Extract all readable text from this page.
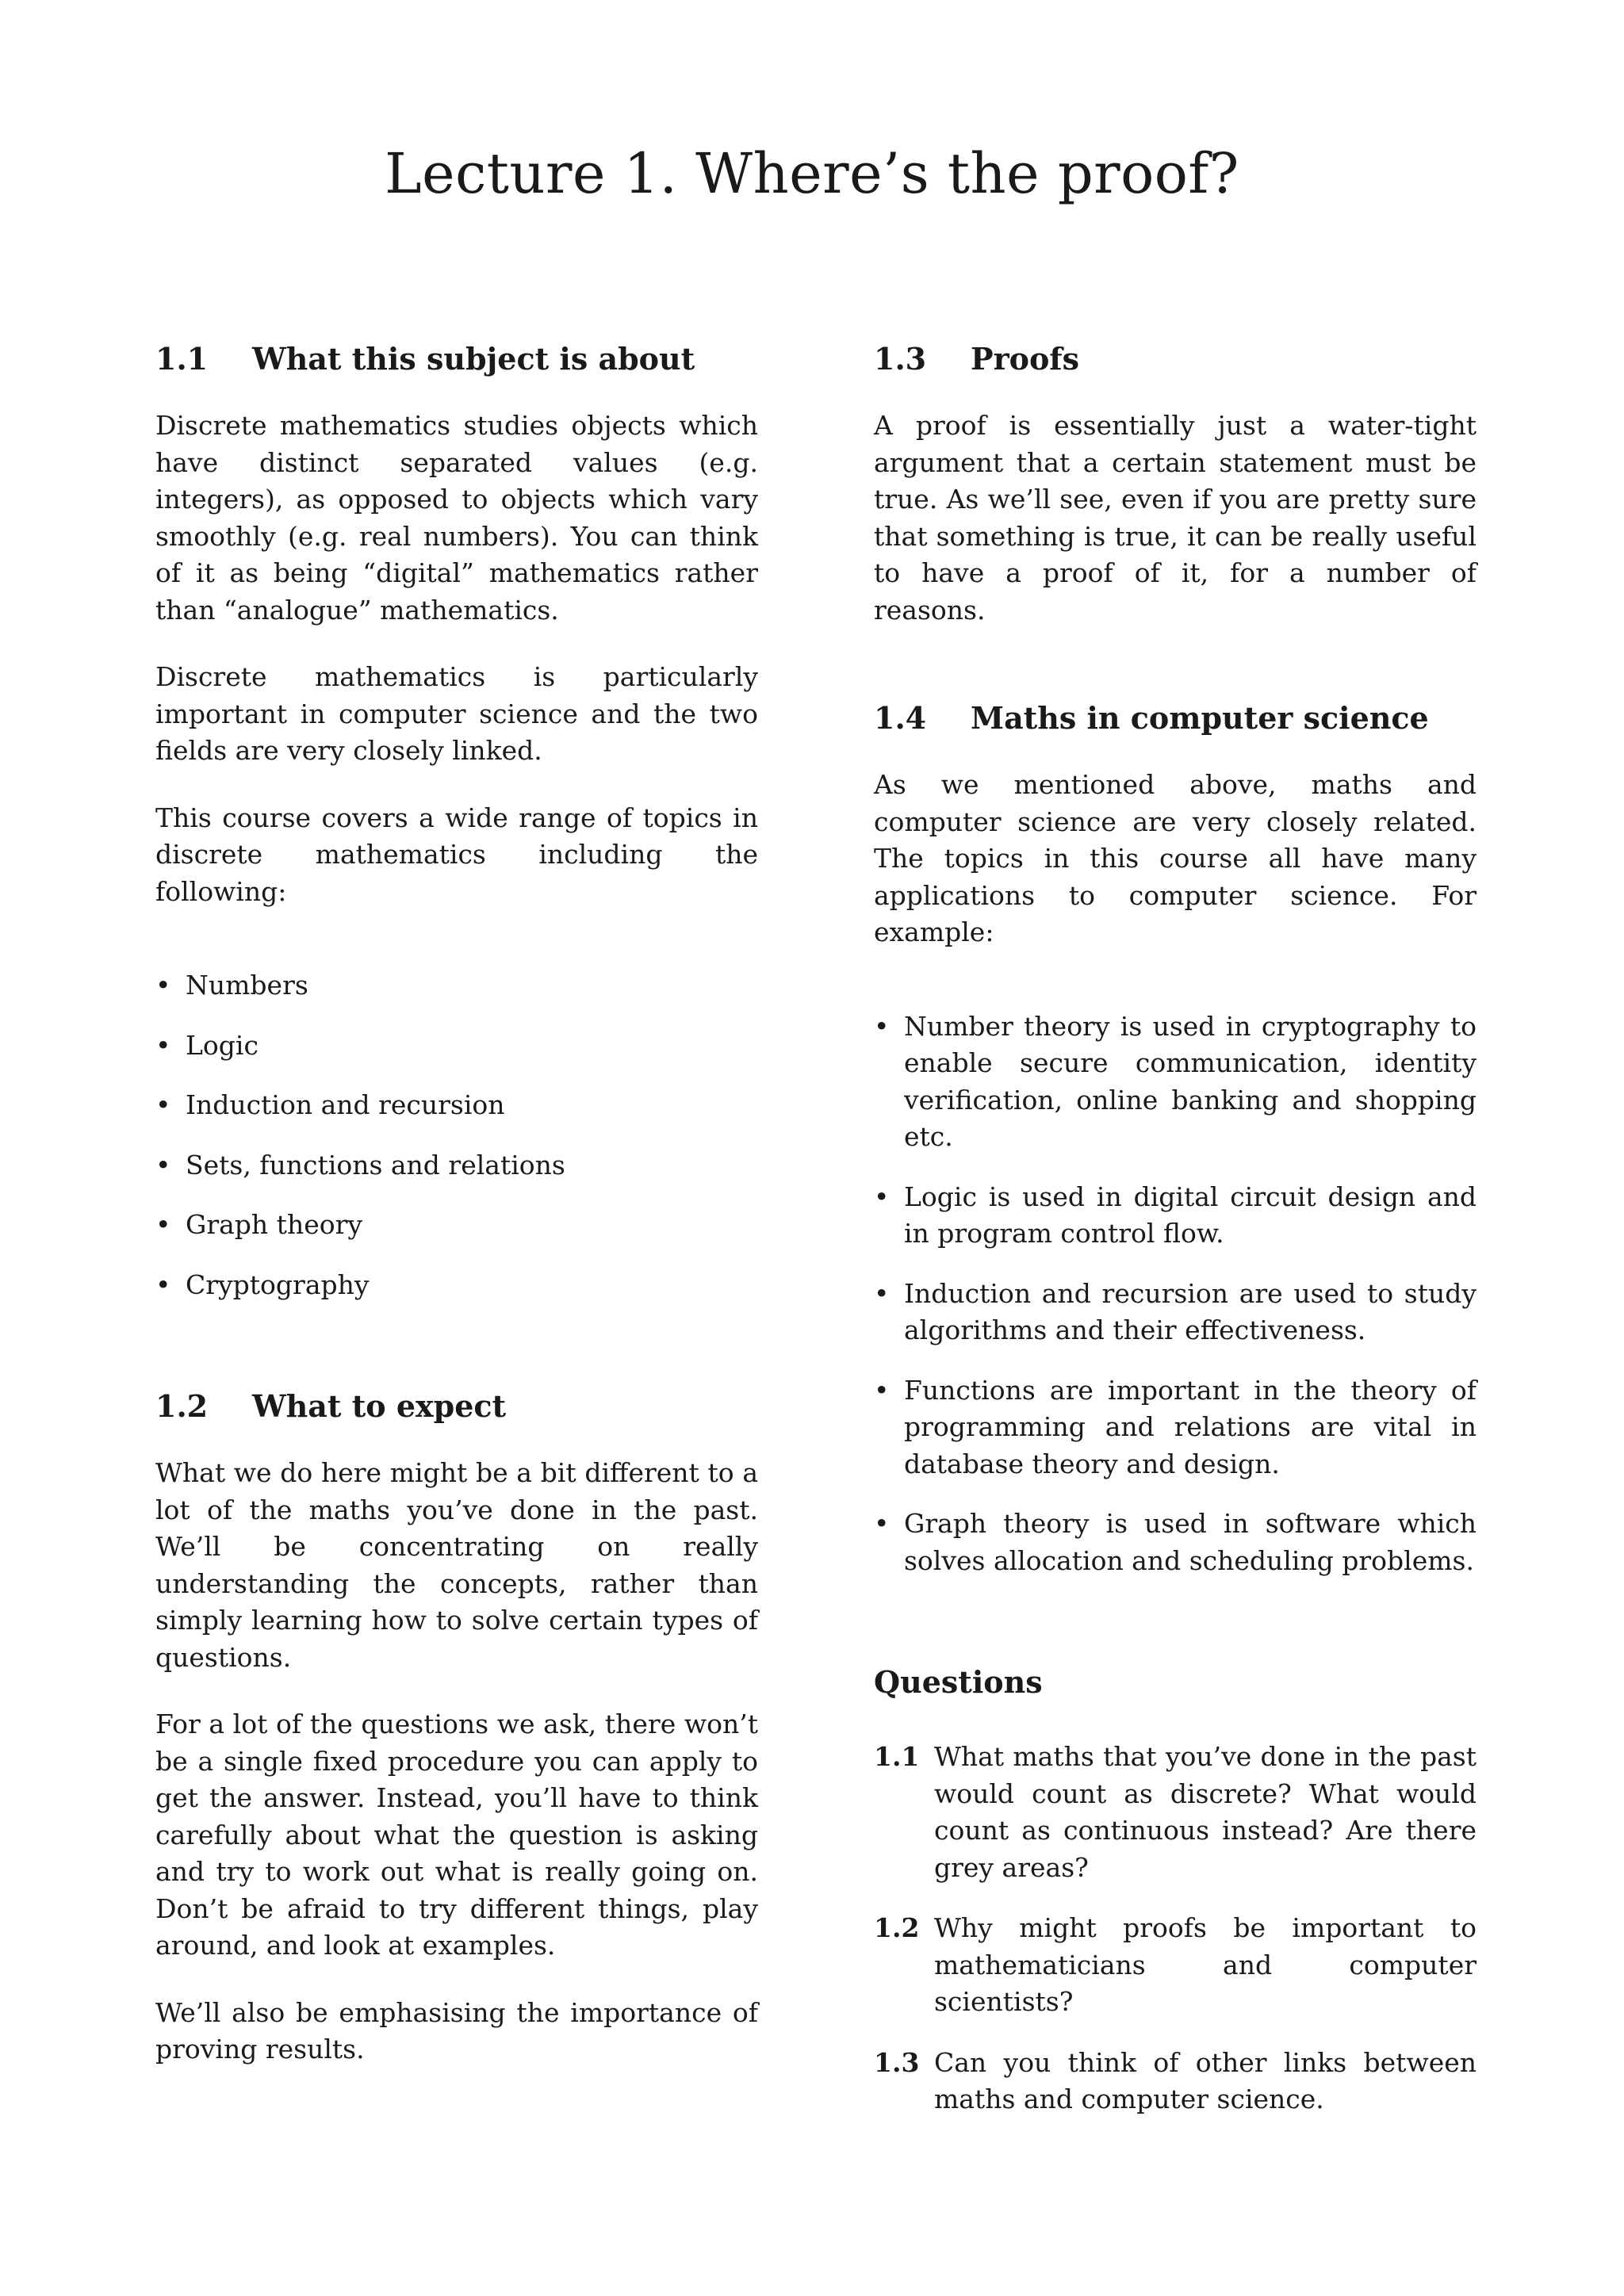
Lecture 1. Where’s the proof?
1.1 What this subject is about

Discrete mathematics studies objects which have distinct separated values (e.g. integers), as opposed to objects which vary smoothly (e.g. real numbers). You can think of it as being “digital” mathematics rather than “analogue” mathematics.

Discrete mathematics is particularly important in computer science and the two fields are very closely linked.

This course covers a wide range of topics in discrete mathematics including the following:

• Numbers
• Logic
• Induction and recursion
• Sets, functions and relations
• Graph theory
• Cryptography
1.2 What to expect

What we do here might be a bit different to a lot of the maths you’ve done in the past. We’ll be concentrating on really understanding the concepts, rather than simply learning how to solve certain types of questions.

For a lot of the questions we ask, there won’t be a single fixed procedure you can apply to get the answer. Instead, you’ll have to think carefully about what the question is asking and try to work out what is really going on. Don’t be afraid to try different things, play around, and look at examples.

We’ll also be emphasising the importance of proving results.

1.3 Proofs

A proof is essentially just a water-tight argument that a certain statement must be true. As we’ll see, even if you are pretty sure that something is true, it can be really useful to have a proof of it, for a number of reasons.

1.4 Maths in computer science

As we mentioned above, maths and computer science are very closely related. The topics in this course all have many applications to computer science. For example:

• Number theory is used in cryptography to enable secure communication, identity verification, online banking and shopping etc.
• Logic is used in digital circuit design and in program control flow.
• Induction and recursion are used to study algorithms and their effectiveness.
• Functions are important in the theory of programming and relations are vital in database theory and design.
• Graph theory is used in software which solves allocation and scheduling problems.
Questions
1.1 What maths that you’ve done in the past would count as discrete? What would count as continuous instead? Are there grey areas?
1.2 Why might proofs be important to mathematicians and computer scientists?
1.3 Can you think of other links between maths and computer science.
